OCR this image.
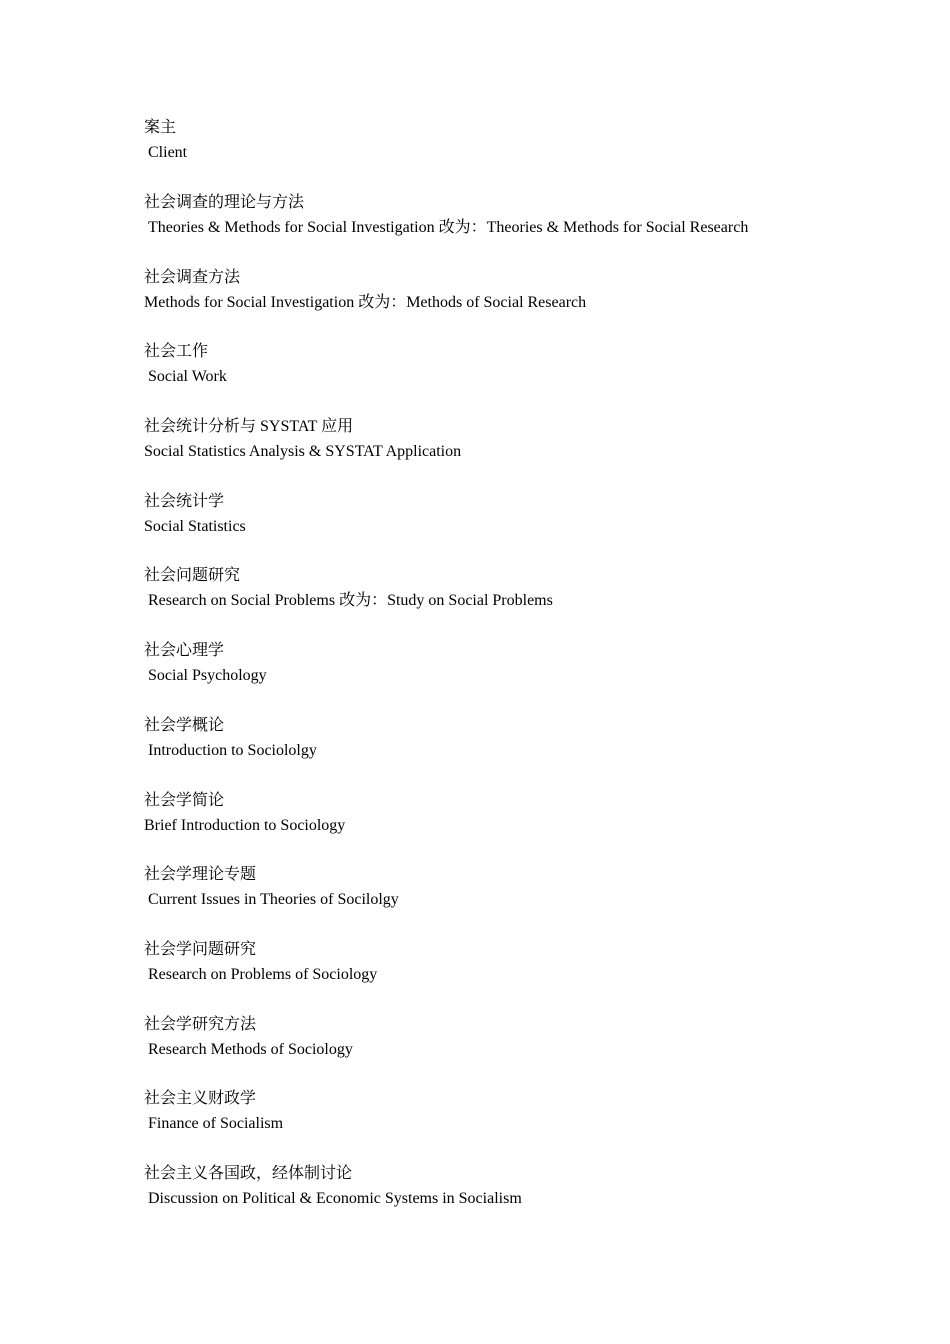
案主
Client
社会调查的理论与方法
Theories & Methods for Social Investigation 改为：Theories & Methods for Social Research
社会调查方法
Methods for Social Investigation 改为：Methods of Social Research
社会工作
Social Work
社会统计分析与 SYSTAT 应用
Social Statistics Analysis & SYSTAT Application
社会统计学
Social Statistics
社会问题研究
Research on Social Problems 改为：Study on Social Problems
社会心理学
Social Psychology
社会学概论
Introduction to Sociololgy
社会学简论
Brief Introduction to Sociology
社会学理论专题
Current Issues in Theories of Socilolgy
社会学问题研究
Research on Problems of Sociology
社会学研究方法
Research Methods of Sociology
社会主义财政学
Finance of Socialism
社会主义各国政，经体制讨论
Discussion on Political & Economic Systems in Socialism
